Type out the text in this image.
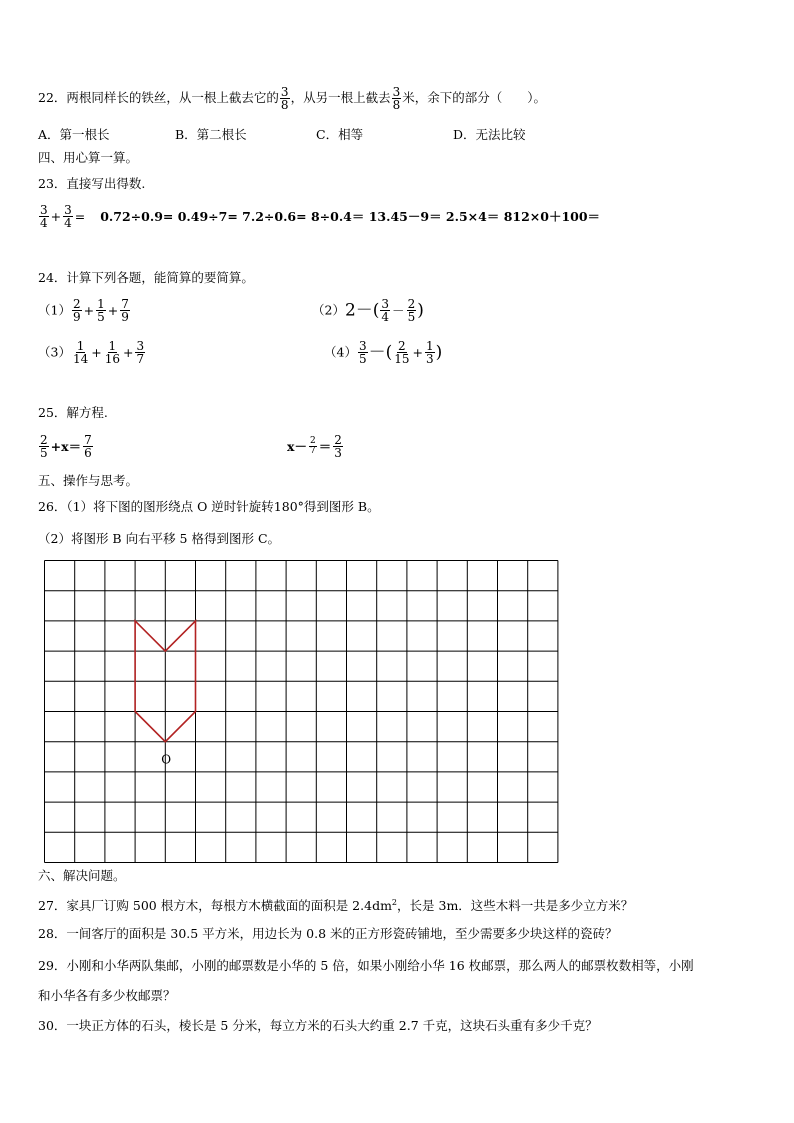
22．两根同样长的铁丝，从一根上截去它的 $\frac{3}{8}$ ，从另一根上截去 $\frac{3}{8}$ 米，余下的部分（　　）。
A．第一根长	B．第二根长	C．相等	D．无法比较
四、用心算一算。
23．直接写出得数.
$\frac{3}{4} + \frac{3}{4} = 0.72\div 0.9= 0.49\div 7= 7.2\div 0.6= 8\div 0.4= 13.45-9= 2.5\times 4= 812\times 0+100=$
24．计算下列各题，能简算的要简算。
$(1) \frac{2}{9} + \frac{1}{5} + \frac{7}{9}$	$(2)2-( \frac{3}{4} - \frac{2}{5}$ )
$(3) \frac{1}{14} + \frac{1}{16} + \frac{3}{7}$	$(4) \frac{3}{5}$ －( $\frac{2}{15} + \frac{1}{3}$ )
25．解方程.
$\frac{2}{5} +x= \frac{7}{6}$	$x- \frac{2}{7} = \frac{2}{3}$
五、操作与思考。
26．（1）将下图的图形绕点 O 逆时针旋转180°得到图形 B。
（2）将图形 B 向右平移 5 格得到图形 C。
O
六、解决问题。
27．家具厂订购 500 根方木，每根方木横截面的面积是 $2.4dm^2$，长是 3m．这些木料一共是多少立方米？
28．一间客厅的面积是 30.5 平方米，用边长为 0.8 米的正方形瓷砖铺地，至少需要多少块这样的瓷砖？
29．小刚和小华两队集邮，小刚的邮票数是小华的 5 倍，如果小刚给小华 16 枚邮票，那么两人的邮票枚数相等，小刚
和小华各有多少枚邮票？
30．一块正方体的石头，棱长是 5 分米，每立方米的石头大约重 2.7 千克，这块石头重有多少千克？
